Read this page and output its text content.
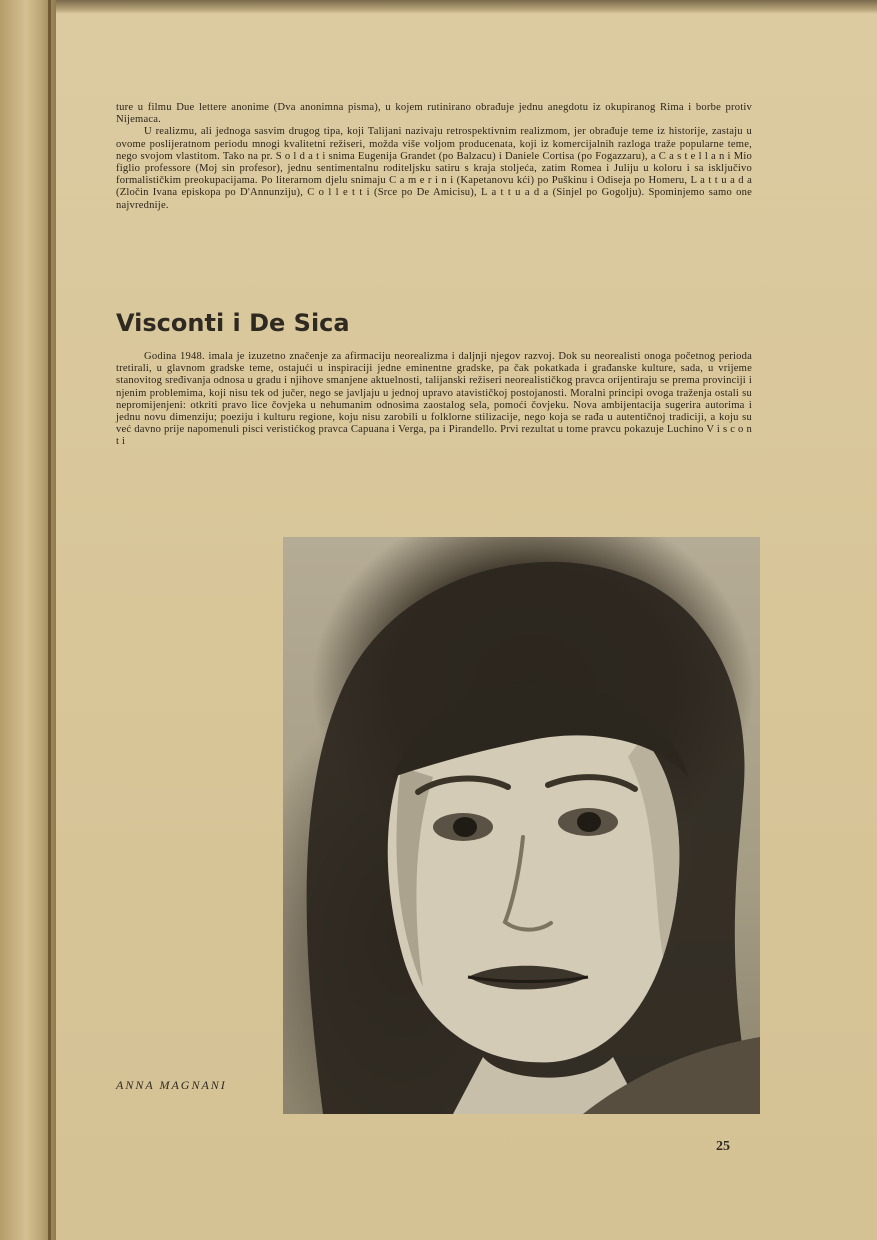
ture u filmu Due lettere anonime (Dva anonimna pisma), u kojem rutinirano obrađuje jednu anegdotu iz okupiranog Rima i borbe protiv Nijemaca.

U realizmu, ali jednoga sasvim drugog tipa, koji Talijani nazivaju retrospektivnim realizmom, jer obrađuje teme iz historije, zastaju u ovome poslijeratnom periodu mnogi kvalitetni režiseri, možda više voljom producenata, koji iz komercijalnih razloga traže popularne teme, nego svojom vlastitom. Tako na pr. S o l d a t i snima Eugenija Grandet (po Balzacu) i Daniele Cortisa (po Fogazzaru), a C a s t e l l a n i Mio figlio professore (Moj sin profesor), jednu sentimentalnu roditeljsku satiru s kraja stoljeća, zatim Romea i Juliju u koloru i sa isključivo formalističkim preokupacijama. Po literarnom djelu snimaju C a m e r i n i (Kapetanovu kći) po Puškinu i Odiseja po Homeru, L a t t u a d a (Zločin Ivana episkopa po D'Annunziju), C o l l e t t i (Srce po De Amicisu), L a t t u a d a (Sinjel po Gogolju). Spominjemo samo one najvrednije.

Visconti i De Sica

Godina 1948. imala je izuzetno značenje za afirmaciju neorealizma i daljnji njegov razvoj. Dok su neorealisti onoga početnog perioda tretirali, u glavnom gradske teme, ostajući u inspiraciji jedne eminentne gradske, pa čak pokatkada i građanske kulture, sada, u vrijeme stanovitog sređivanja odnosa u gradu i njihove smanjene aktuelnosti, talijanski režiseri neorealističkog pravca orijentiraju se prema provinciji i njenim problemima, koji nisu tek od jučer, nego se javljaju u jednoj upravo atavističkoj postojanosti. Moralni principi ovoga traženja ostali su nepromijenjeni: otkriti pravo lice čovjeka u nehumanim odnosima zaostalog sela, pomoći čovjeku. Nova ambijentacija sugerira autorima i jednu novu dimenziju; poeziju i kulturu regione, koju nisu zarobili u folklorne stilizacije, nego koja se rađa u autentičnoj tradiciji, a koju su već davno prije napomenuli pisci veristićkog pravca Capuana i Verga, pa i Pirandello. Prvi rezultat u tome pravcu pokazuje Luchino V i s c o n t i

ANNA MAGNANI

25
